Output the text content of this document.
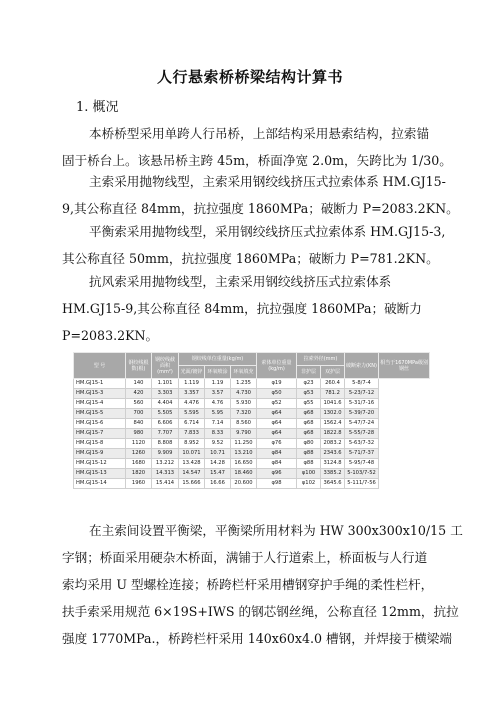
人行悬索桥桥梁结构计算书
1. 概况
本桥桥型采用单跨人行吊桥，上部结构采用悬索结构，拉索锚
固于桥台上。该悬吊桥主跨 45m，桥面净宽 2.0m，矢跨比为 1/30。
主索采用抛物线型，主索采用钢绞线挤压式拉索体系 HM.GJ15-
9,其公称直径 84mm，抗拉强度 1860MPa；破断力 P=2083.2KN。
平衡索采用抛物线型，采用钢绞线挤压式拉索体系 HM.GJ15-3,
其公称直径 50mm，抗拉强度 1860MPa；破断力 P=781.2KN。
抗风索采用抛物线型，主索采用钢绞线挤压式拉索体系
HM.GJ15-9,其公称直径 84mm，抗拉强度 1860MPa；破断力
P=2083.2KN。
型 号	钢绞线根数(根)	钢绞线截面积(mm²)	钢绞线单位重量(kg/m)			索体单位重量(kg/m)	拉索外径(mm)		破断索力(KN)	相当于1670MPa级别钢丝
			光面/镀锌	环氧喷涂	环氧填充		非护层	双护层		
HM.GJ15-1	140	1.101	1.119	1.19	1.235	φ19	φ23	260.4	5-8/7-4	
HM.GJ15-3	420	3.303	3.357	3.57	4.730	φ50	φ53	781.2	5-23/7-12	
HM.GJ15-4	560	4.404	4.476	4.76	5.930	φ52	φ55	1041.6	5-31/7-16	
HM.GJ15-5	700	5.505	5.595	5.95	7.320	φ64	φ68	1302.0	5-39/7-20	
HM.GJ15-6	840	6.606	6.714	7.14	8.560	φ64	φ68	1562.4	5-47/7-24	
HM.GJ15-7	980	7.707	7.833	8.33	9.790	φ64	φ68	1822.8	5-55/7-28	
HM.GJ15-8	1120	8.808	8.952	9.52	11.250	φ76	φ80	2083.2	5-63/7-32	
HM.GJ15-9	1260	9.909	10.071	10.71	13.210	φ84	φ88	2343.6	5-71/7-37	
HM.GJ15-12	1680	13.212	13.428	14.28	16.650	φ84	φ88	3124.8	5-95/7-48	
HM.GJ15-13	1820	14.313	14.547	15.47	18.460	φ96	φ100	3385.2	5-103/7-52	
HM.GJ15-14	1960	15.414	15.666	16.66	20.600	φ98	φ102	3645.6	5-111/7-56	
在主索间设置平衡梁，平衡梁所用材料为 HW 300x300x10/15 工
字钢；桥面采用硬杂木桥面，满铺于人行道索上，桥面板与人行道
索均采用 U 型螺栓连接；桥跨栏杆采用槽钢穿护手绳的柔性栏杆，
扶手索采用规范 6×19S+IWS 的钢芯钢丝绳，公称直径 12mm，抗拉
强度 1770MPa.，桥跨栏杆采用 140x60x4.0 槽钢，并焊接于横梁端
